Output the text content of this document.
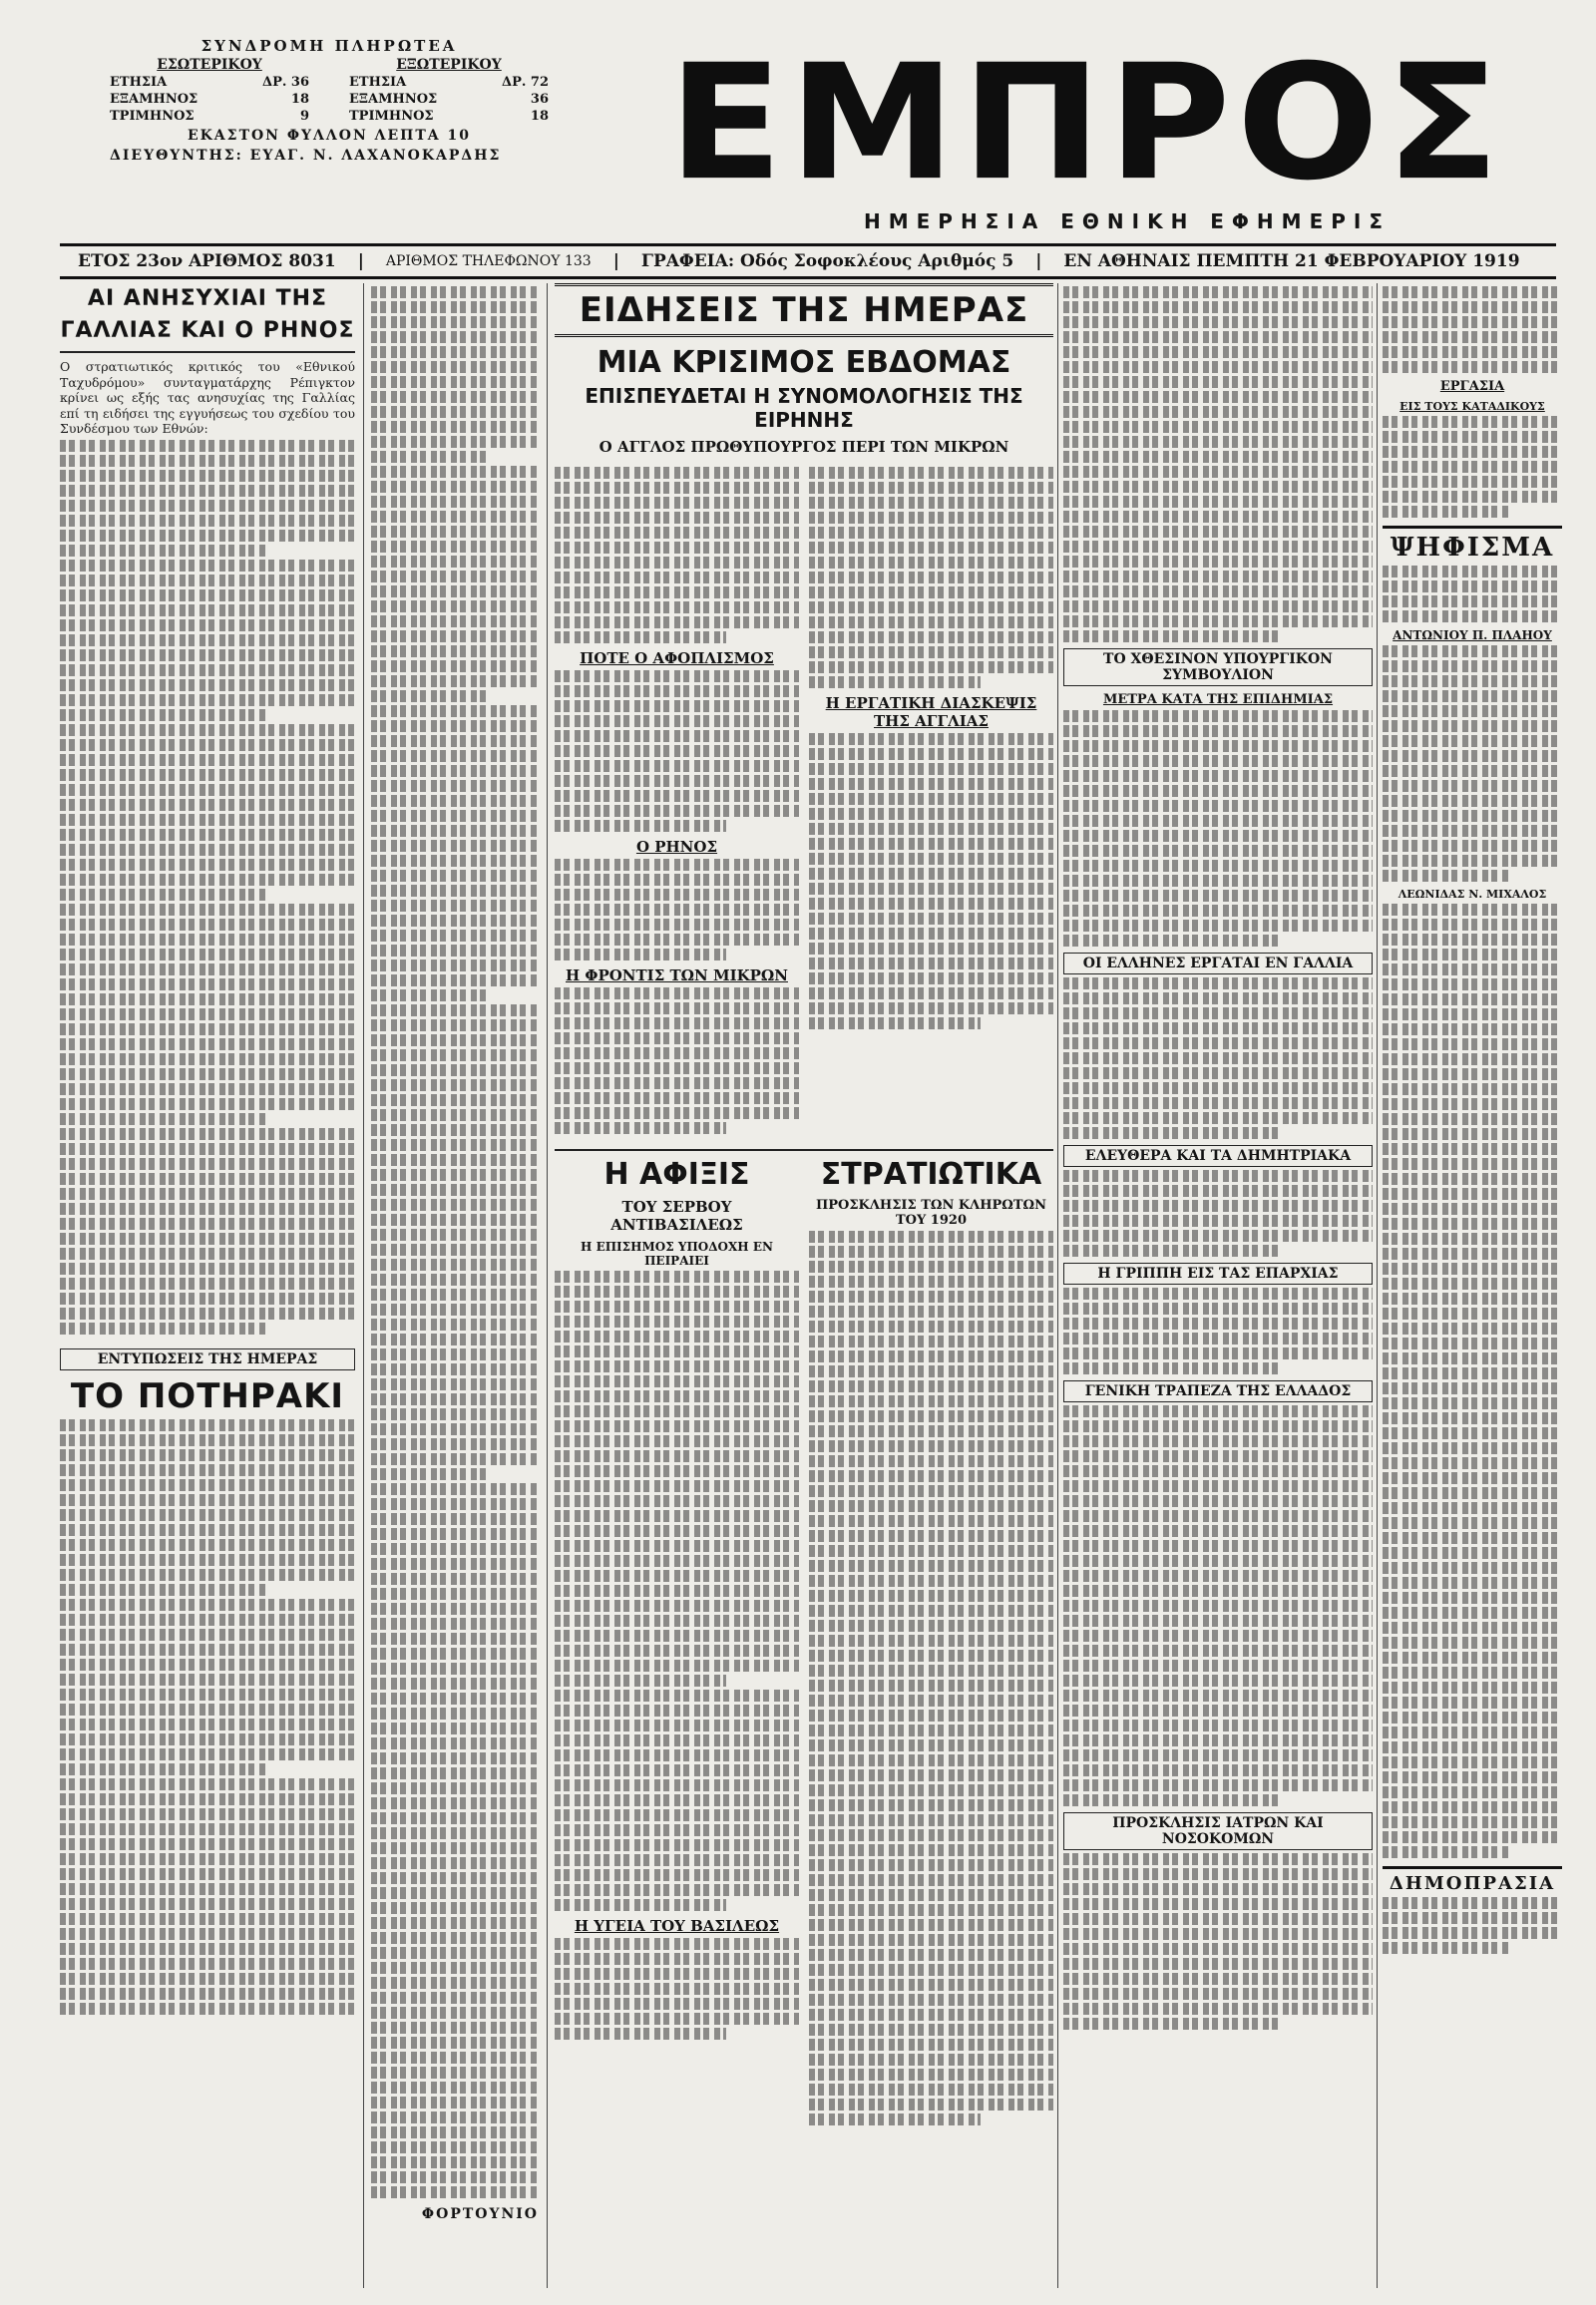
ΣΥΝΔΡΟΜΗ ΠΛΗΡΩΤΕΑ
ΕΣΩΤΕΡΙΚΟΥ
ΕΤΗΣΙΑ	ΔΡ. 36
ΕΞΑΜΗΝΟΣ	18
ΤΡΙΜΗΝΟΣ	9
ΕΞΩΤΕΡΙΚΟΥ
ΕΤΗΣΙΑ	ΔΡ. 72
ΕΞΑΜΗΝΟΣ	36
ΤΡΙΜΗΝΟΣ	18
ΕΚΑΣΤΟΝ ΦΥΛΛΟΝ ΛΕΠΤΑ 10
ΔΙΕΥΘΥΝΤΗΣ: ΕΥΑΓ. Ν. ΛΑΧΑΝΟΚΑΡΔΗΣ ΕΜΠΡΟΣ
ΗΜΕΡΗΣΙΑ ΕΘΝΙΚΗ ΕΦΗΜΕΡΙΣ
ΕΤΟΣ 23ον ΑΡΙΘΜΟΣ 8031	|	ΑΡΙΘΜΟΣ ΤΗΛΕΦΩΝΟΥ 133	|	ΓΡΑΦΕΙΑ: Οδός Σοφοκλέους Αριθμός 5	|	ΕΝ ΑΘΗΝΑΙΣ ΠΕΜΠΤΗ 21 ΦΕΒΡΟΥΑΡΙΟΥ 1919
ΑΙ ΑΝΗΣΥΧΙΑΙ ΤΗΣ ΓΑΛΛΙΑΣ ΚΑΙ Ο ΡΗΝΟΣ
Ο στρατιωτικός κριτικός του «Εθνικού Ταχυδρόμου» συνταγματάρχης Ρέπιγκτον κρίνει ως εξής τας ανησυχίας της Γαλλίας επί τη ειδήσει της εγγυήσεως του σχεδίου του Συνδέσμου των Εθνών:
ΕΝΤΥΠΩΣΕΙΣ ΤΗΣ ΗΜΕΡΑΣ
ΤΟ ΠΟΤΗΡΑΚΙ
ΦΟΡΤΟΥΝΙΟ
ΕΙΔΗΣΕΙΣ ΤΗΣ ΗΜΕΡΑΣ
ΜΙΑ ΚΡΙΣΙΜΟΣ ΕΒΔΟΜΑΣ
ΕΠΙΣΠΕΥΔΕΤΑΙ Η ΣΥΝΟΜΟΛΟΓΗΣΙΣ ΤΗΣ ΕΙΡΗΝΗΣ
Ο ΑΓΓΛΟΣ ΠΡΩΘΥΠΟΥΡΓΟΣ ΠΕΡΙ ΤΩΝ ΜΙΚΡΩΝ
ΠΟΤΕ Ο ΑΦΟΠΛΙΣΜΟΣ
Ο ΡΗΝΟΣ
Η ΦΡΟΝΤΙΣ ΤΩΝ ΜΙΚΡΩΝ
Η ΕΡΓΑΤΙΚΗ ΔΙΑΣΚΕΨΙΣ ΤΗΣ ΑΓΓΛΙΑΣ
Η ΑΦΙΞΙΣ
ΤΟΥ ΣΕΡΒΟΥ ΑΝΤΙΒΑΣΙΛΕΩΣ
Η ΕΠΙΣΗΜΟΣ ΥΠΟΔΟΧΗ ΕΝ ΠΕΙΡΑΙΕΙ
Η ΥΓΕΙΑ ΤΟΥ ΒΑΣΙΛΕΩΣ
ΣΤΡΑΤΙΩΤΙΚΑ
ΠΡΟΣΚΛΗΣΙΣ ΤΩΝ ΚΛΗΡΩΤΩΝ ΤΟΥ 1920
ΤΟ ΧΘΕΣΙΝΟΝ ΥΠΟΥΡΓΙΚΟΝ ΣΥΜΒΟΥΛΙΟΝ
ΜΕΤΡΑ ΚΑΤΑ ΤΗΣ ΕΠΙΔΗΜΙΑΣ
ΟΙ ΕΛΛΗΝΕΣ ΕΡΓΑΤΑΙ ΕΝ ΓΑΛΛΙΑ
ΕΛΕΥΘΕΡΑ ΚΑΙ ΤΑ ΔΗΜΗΤΡΙΑΚΑ
Η ΓΡΙΠΠΗ ΕΙΣ ΤΑΣ ΕΠΑΡΧΙΑΣ
ΓΕΝΙΚΗ ΤΡΑΠΕΖΑ ΤΗΣ ΕΛΛΑΔΟΣ
ΠΡΟΣΚΛΗΣΙΣ ΙΑΤΡΩΝ ΚΑΙ ΝΟΣΟΚΟΜΩΝ
ΕΡΓΑΣΙΑ
ΕΙΣ ΤΟΥΣ ΚΑΤΑΔΙΚΟΥΣ
ΨΗΦΙΣΜΑ
ΑΝΤΩΝΙΟΥ Π. ΠΛΑΗΟΥ
ΛΕΩΝΙΔΑΣ Ν. ΜΙΧΑΛΟΣ
ΔΗΜΟΠΡΑΣΙΑ
